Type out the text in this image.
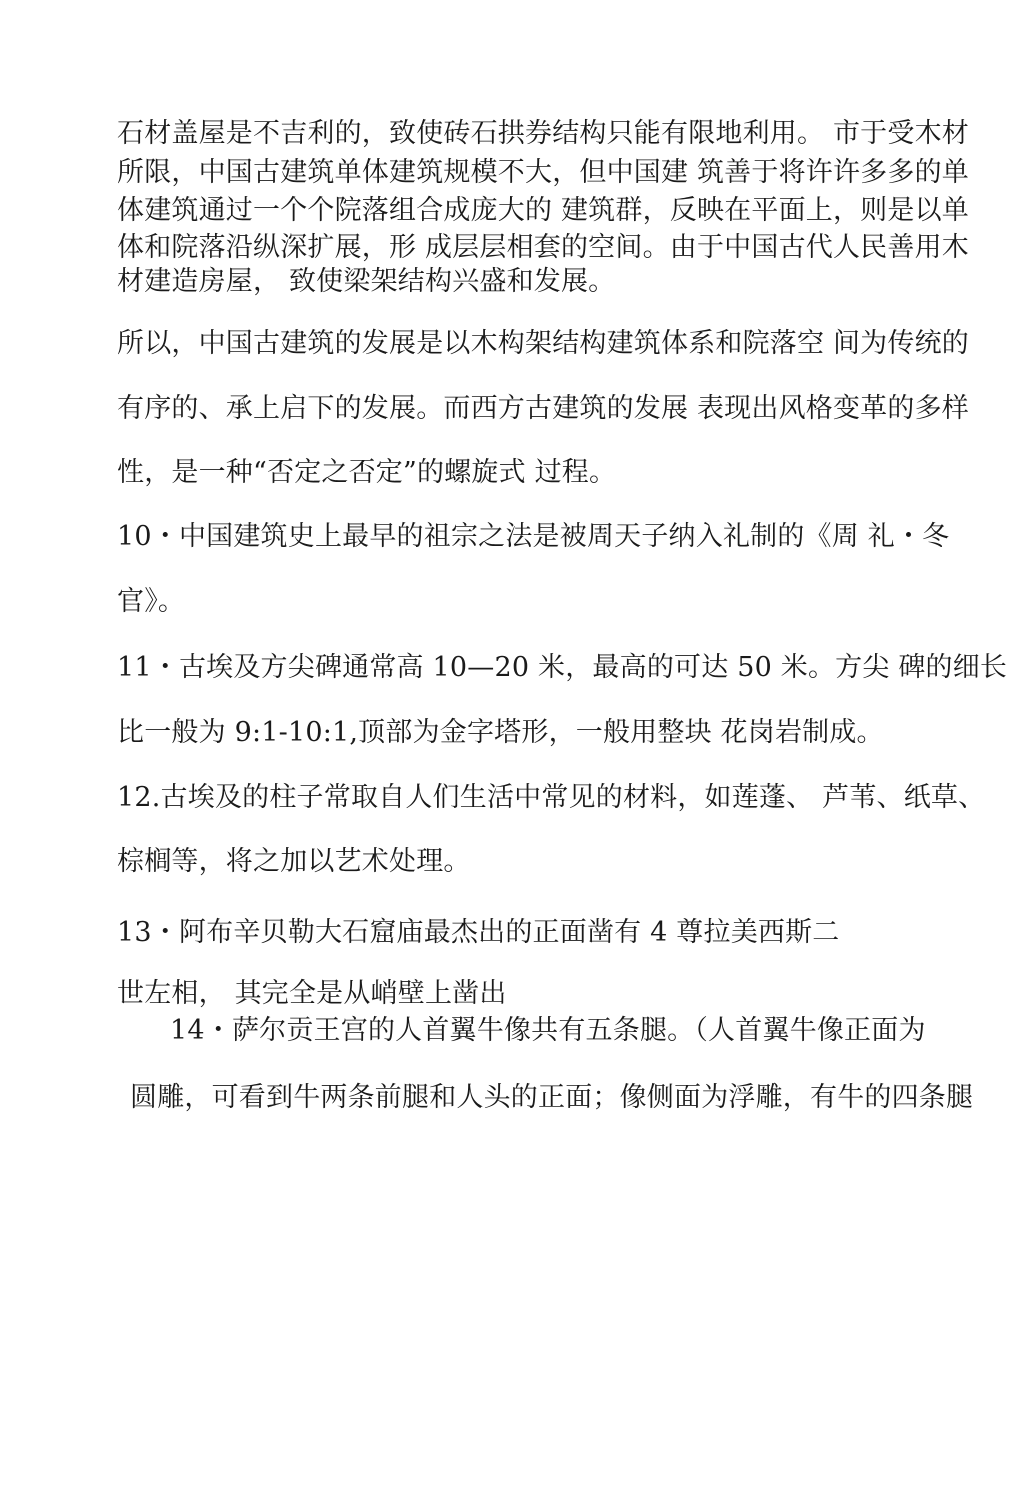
石材盖屋是不吉利的，致使砖石拱券结构只能有限地利用。 市于受木材

所限，中国古建筑单体建筑规模不大，但中国建 筑善于将许许多多的单

体建筑通过一个个院落组合成庞大的 建筑群，反映在平面上，则是以单

体和院落沿纵深扩展，形 成层层相套的空间。由于中国古代人民善用木

材建造房屋， 致使梁架结构兴盛和发展。

所以，中国古建筑的发展是以木构架结构建筑体系和院落空 间为传统的

有序的、承上启下的发展。而西方古建筑的发展 表现出风格变革的多样

性，是一种“否定之否定”的螺旋式 过程。

10・中国建筑史上最早的祖宗之法是被周天子纳入礼制的《周 礼・冬

官》。

11・古埃及方尖碑通常高 10—20 米，最高的可达 50 米。方尖 碑的细长

比一般为 9:1-10:1,顶部为金字塔形，一般用整块 花岗岩制成。

12.古埃及的柱子常取自人们生活中常见的材料，如莲蓬、 芦苇、纸草、

棕榈等，将之加以艺术处理。

13・阿布辛贝勒大石窟庙最杰出的正面凿有 4 尊拉美西斯二

世左相， 其完全是从峭壁上凿出

14・萨尔贡王宫的人首翼牛像共有五条腿。（人首翼牛像正面为

圆雕，可看到牛两条前腿和人头的正面；像侧面为浮雕，有牛的四条腿
